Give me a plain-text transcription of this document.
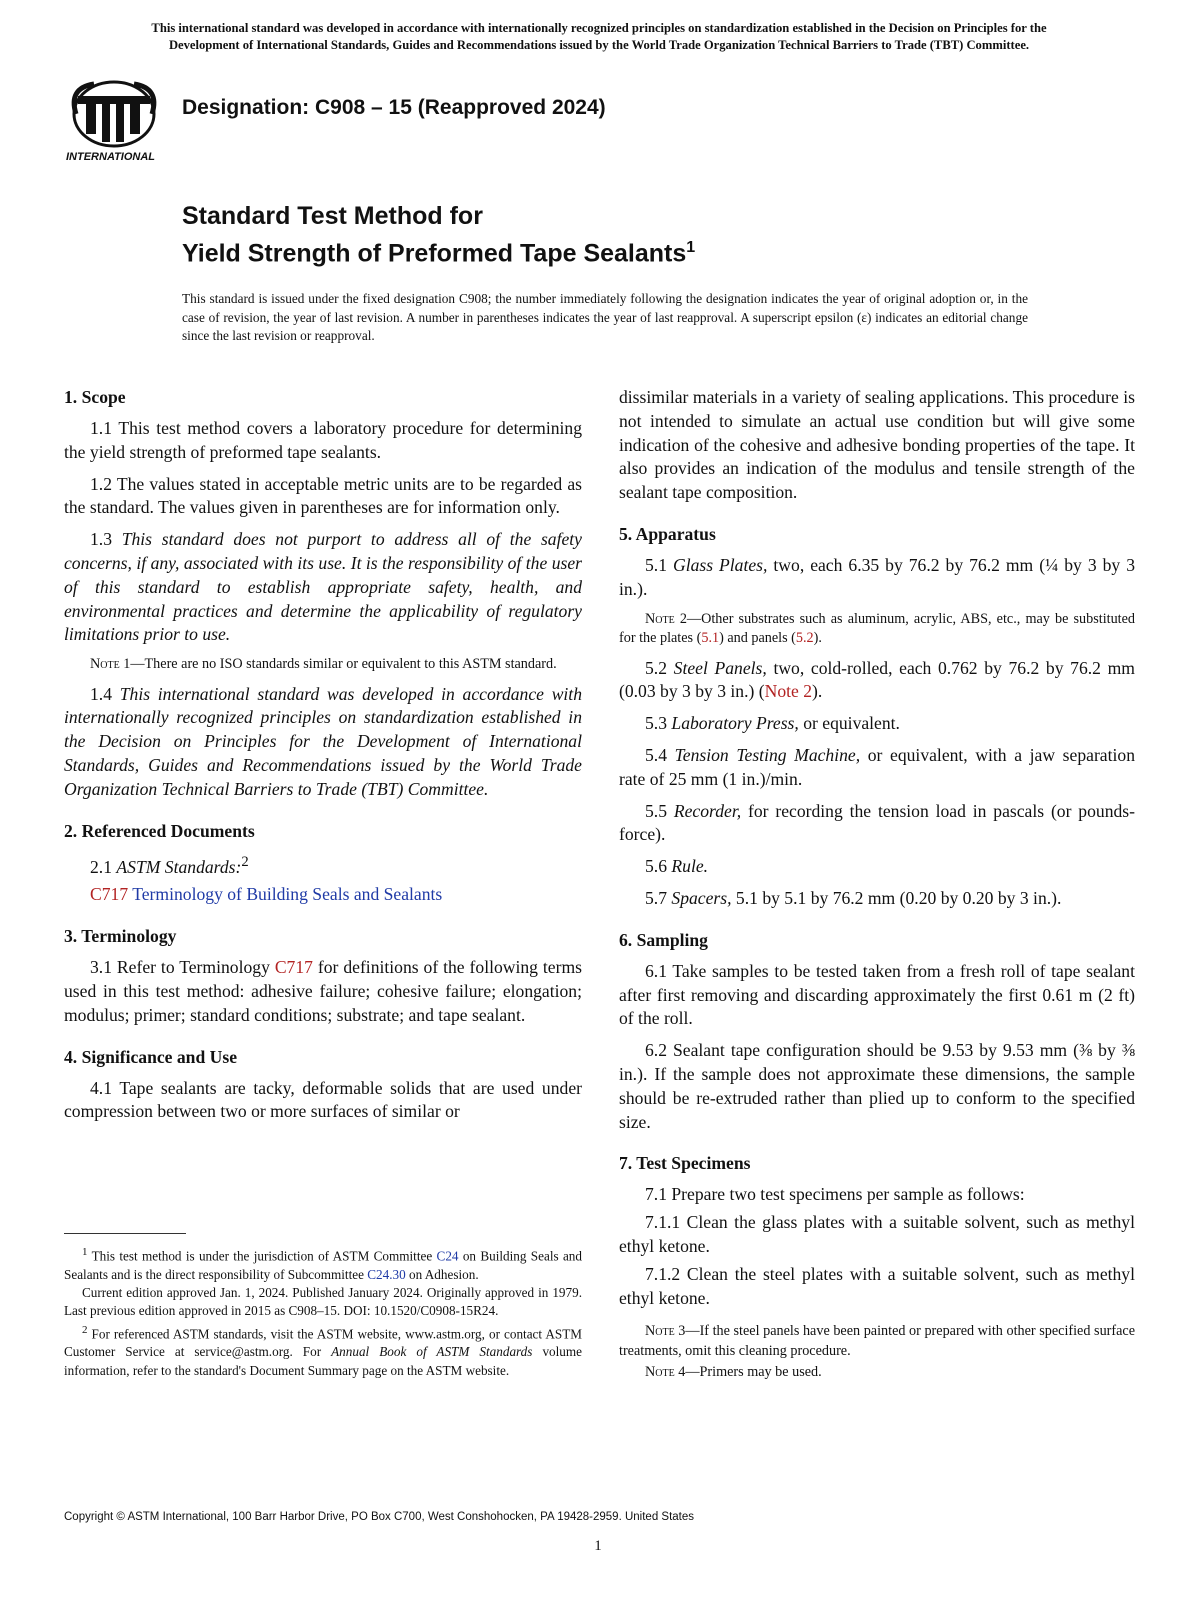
This international standard was developed in accordance with internationally recognized principles on standardization established in the Decision on Principles for the
Development of International Standards, Guides and Recommendations issued by the World Trade Organization Technical Barriers to Trade (TBT) Committee.
INTERNATIONAL
Designation: C908 – 15 (Reapproved 2024)
Standard Test Method for
Yield Strength of Preformed Tape Sealants$^1$
This standard is issued under the fixed designation C908; the number immediately following the designation indicates the year of original adoption or, in the case of revision, the year of last revision. A number in parentheses indicates the year of last reapproval. A superscript epsilon (ε) indicates an editorial change since the last revision or reapproval.
1. Scope

1.1 This test method covers a laboratory procedure for determining the yield strength of preformed tape sealants.

1.2 The values stated in acceptable metric units are to be regarded as the standard. The values given in parentheses are for information only.

1.3 This standard does not purport to address all of the safety concerns, if any, associated with its use. It is the responsibility of the user of this standard to establish appropriate safety, health, and environmental practices and determine the applicability of regulatory limitations prior to use.

Note 1—There are no ISO standards similar or equivalent to this ASTM standard.

1.4 This international standard was developed in accordance with internationally recognized principles on standardization established in the Decision on Principles for the Development of International Standards, Guides and Recommendations issued by the World Trade Organization Technical Barriers to Trade (TBT) Committee.

2. Referenced Documents

2.1 ASTM Standards:$^2$

C717 Terminology of Building Seals and Sealants

3. Terminology

3.1 Refer to Terminology C717 for definitions of the following terms used in this test method: adhesive failure; cohesive failure; elongation; modulus; primer; standard conditions; substrate; and tape sealant.

4. Significance and Use

4.1 Tape sealants are tacky, deformable solids that are used under compression between two or more surfaces of similar or

$^1$ This test method is under the jurisdiction of ASTM Committee C24 on Building Seals and Sealants and is the direct responsibility of Subcommittee C24.30 on Adhesion.

Current edition approved Jan. 1, 2024. Published January 2024. Originally approved in 1979. Last previous edition approved in 2015 as C908–15. DOI: 10.1520/C0908-15R24.

$^2$ For referenced ASTM standards, visit the ASTM website, www.astm.org, or contact ASTM Customer Service at service@astm.org. For Annual Book of ASTM Standards volume information, refer to the standard's Document Summary page on the ASTM website.

dissimilar materials in a variety of sealing applications. This procedure is not intended to simulate an actual use condition but will give some indication of the cohesive and adhesive bonding properties of the tape. It also provides an indication of the modulus and tensile strength of the sealant tape composition.

5. Apparatus

5.1 Glass Plates, two, each 6.35 by 76.2 by 76.2 mm (¼ by 3 by 3 in.).

Note 2—Other substrates such as aluminum, acrylic, ABS, etc., may be substituted for the plates (5.1) and panels (5.2).

5.2 Steel Panels, two, cold-rolled, each 0.762 by 76.2 by 76.2 mm (0.03 by 3 by 3 in.) (Note 2).

5.3 Laboratory Press, or equivalent.

5.4 Tension Testing Machine, or equivalent, with a jaw separation rate of 25 mm (1 in.)/min.

5.5 Recorder, for recording the tension load in pascals (or pounds-force).

5.6 Rule.

5.7 Spacers, 5.1 by 5.1 by 76.2 mm (0.20 by 0.20 by 3 in.).

6. Sampling

6.1 Take samples to be tested taken from a fresh roll of tape sealant after first removing and discarding approximately the first 0.61 m (2 ft) of the roll.

6.2 Sealant tape configuration should be 9.53 by 9.53 mm (⅜ by ⅜ in.). If the sample does not approximate these dimensions, the sample should be re-extruded rather than plied up to conform to the specified size.

7. Test Specimens

7.1 Prepare two test specimens per sample as follows:

7.1.1 Clean the glass plates with a suitable solvent, such as methyl ethyl ketone.

7.1.2 Clean the steel plates with a suitable solvent, such as methyl ethyl ketone.

Note 3—If the steel panels have been painted or prepared with other specified surface treatments, omit this cleaning procedure.
Note 4—Primers may be used.
Copyright © ASTM International, 100 Barr Harbor Drive, PO Box C700, West Conshohocken, PA 19428-2959. United States
1
